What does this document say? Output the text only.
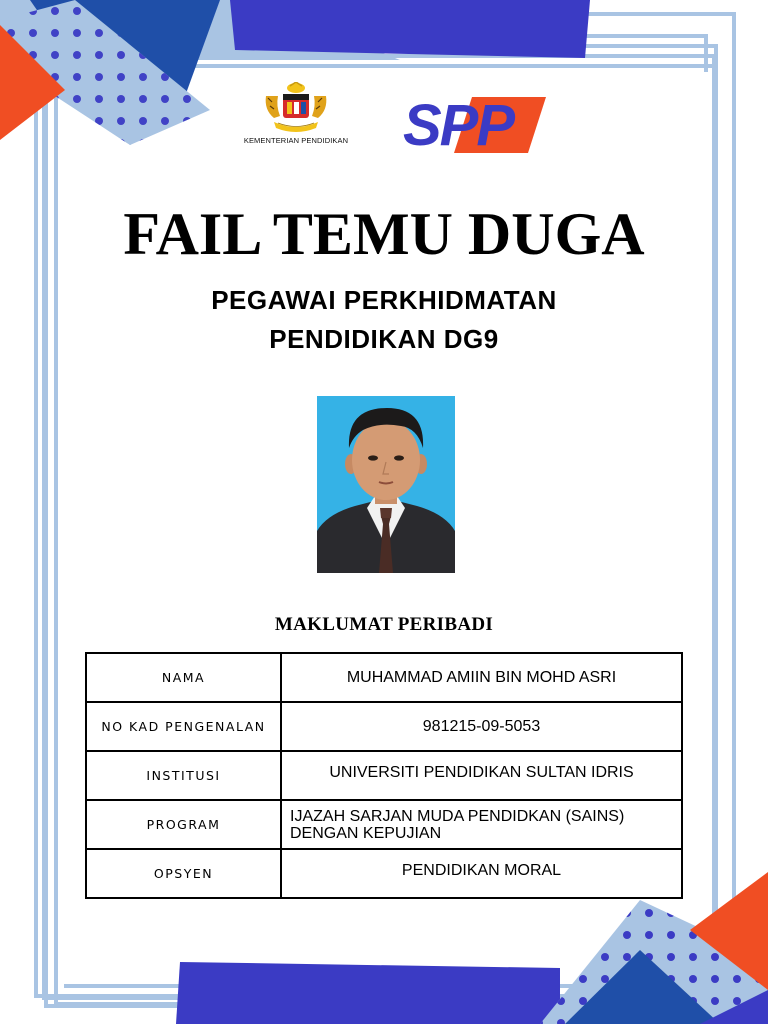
KEMENTERIAN PENDIDIKAN SPP
FAIL TEMU DUGA
PEGAWAI PERKHIDMATAN
PENDIDIKAN DG9
MAKLUMAT PERIBADI
NAMA	MUHAMMAD AMIIN BIN MOHD ASRI
NO KAD PENGENALAN	981215-09-5053
INSTITUSI	UNIVERSITI PENDIDIKAN SULTAN IDRIS
PROGRAM	IJAZAH SARJAN MUDA PENDIDKAN (SAINS) DENGAN KEPUJIAN
OPSYEN	PENDIDIKAN MORAL
